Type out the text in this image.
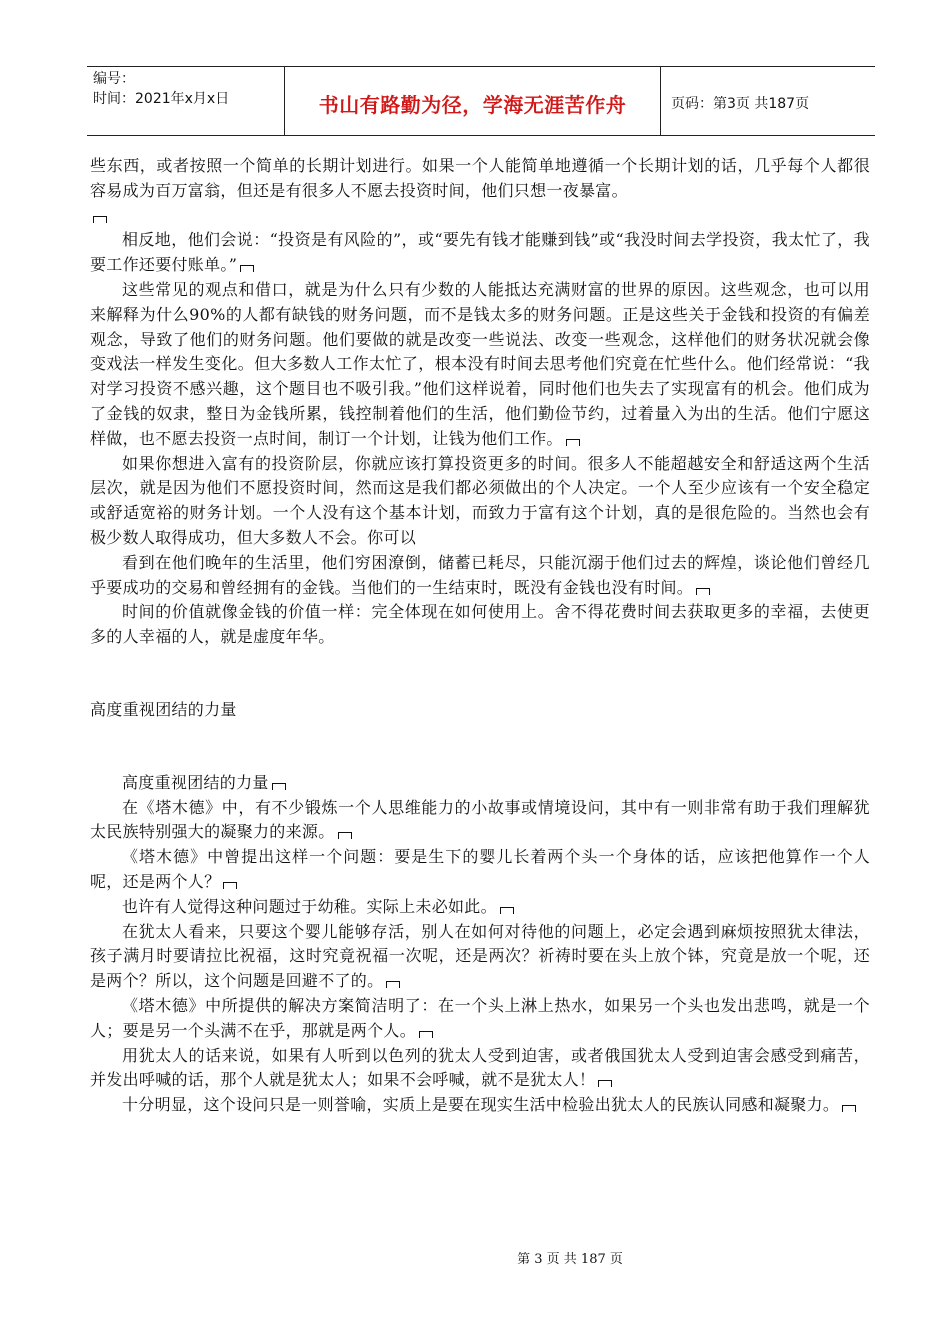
编号：
时间：2021年x月x日	书山有路勤为径，学海无涯苦作舟	页码：第3页 共187页

些东西，或者按照一个简单的长期计划进行。如果一个人能简单地遵循一个长期计划的话，几乎每个人都很容易成为百万富翁，但还是有很多人不愿去投资时间，他们只想一夜暴富。

相反地，他们会说：“投资是有风险的”，或“要先有钱才能赚到钱”或“我没时间去学投资，我太忙了，我要工作还要付账单。”

这些常见的观点和借口，就是为什么只有少数的人能抵达充满财富的世界的原因。这些观念，也可以用来解释为什么90%的人都有缺钱的财务问题，而不是钱太多的财务问题。正是这些关于金钱和投资的有偏差观念，导致了他们的财务问题。他们要做的就是改变一些说法、改变一些观念，这样他们的财务状况就会像变戏法一样发生变化。但大多数人工作太忙了，根本没有时间去思考他们究竟在忙些什么。他们经常说：“我对学习投资不感兴趣，这个题目也不吸引我。”他们这样说着，同时他们也失去了实现富有的机会。他们成为了金钱的奴隶，整日为金钱所累，钱控制着他们的生活，他们勤俭节约，过着量入为出的生活。他们宁愿这样做，也不愿去投资一点时间，制订一个计划，让钱为他们工作。

如果你想进入富有的投资阶层，你就应该打算投资更多的时间。很多人不能超越安全和舒适这两个生活层次，就是因为他们不愿投资时间，然而这是我们都必须做出的个人决定。一个人至少应该有一个安全稳定或舒适宽裕的财务计划。一个人没有这个基本计划，而致力于富有这个计划，真的是很危险的。当然也会有极少数人取得成功，但大多数人不会。你可以

看到在他们晚年的生活里，他们穷困潦倒，储蓄已耗尽，只能沉溺于他们过去的辉煌，谈论他们曾经几乎要成功的交易和曾经拥有的金钱。当他们的一生结束时，既没有金钱也没有时间。

时间的价值就像金钱的价值一样：完全体现在如何使用上。舍不得花费时间去获取更多的幸福，去使更多的人幸福的人，就是虚度年华。

高度重视团结的力量

高度重视团结的力量

在《塔木德》中，有不少锻炼一个人思维能力的小故事或情境设问，其中有一则非常有助于我们理解犹太民族特别强大的凝聚力的来源。

《塔木德》中曾提出这样一个问题：要是生下的婴儿长着两个头一个身体的话，应该把他算作一个人呢，还是两个人？

也许有人觉得这种问题过于幼稚。实际上未必如此。

在犹太人看来，只要这个婴儿能够存活，别人在如何对待他的问题上，必定会遇到麻烦按照犹太律法，孩子满月时要请拉比祝福，这时究竟祝福一次呢，还是两次？祈祷时要在头上放个钵，究竟是放一个呢，还是两个？所以，这个问题是回避不了的。

《塔木德》中所提供的解决方案简洁明了：在一个头上淋上热水，如果另一个头也发出悲鸣，就是一个人；要是另一个头满不在乎，那就是两个人。

用犹太人的话来说，如果有人听到以色列的犹太人受到迫害，或者俄国犹太人受到迫害会感受到痛苦，并发出呼喊的话，那个人就是犹太人；如果不会呼喊，就不是犹太人！

十分明显，这个设问只是一则誉喻，实质上是要在现实生活中检验出犹太人的民族认同感和凝聚力。

第 3 页 共 187 页
